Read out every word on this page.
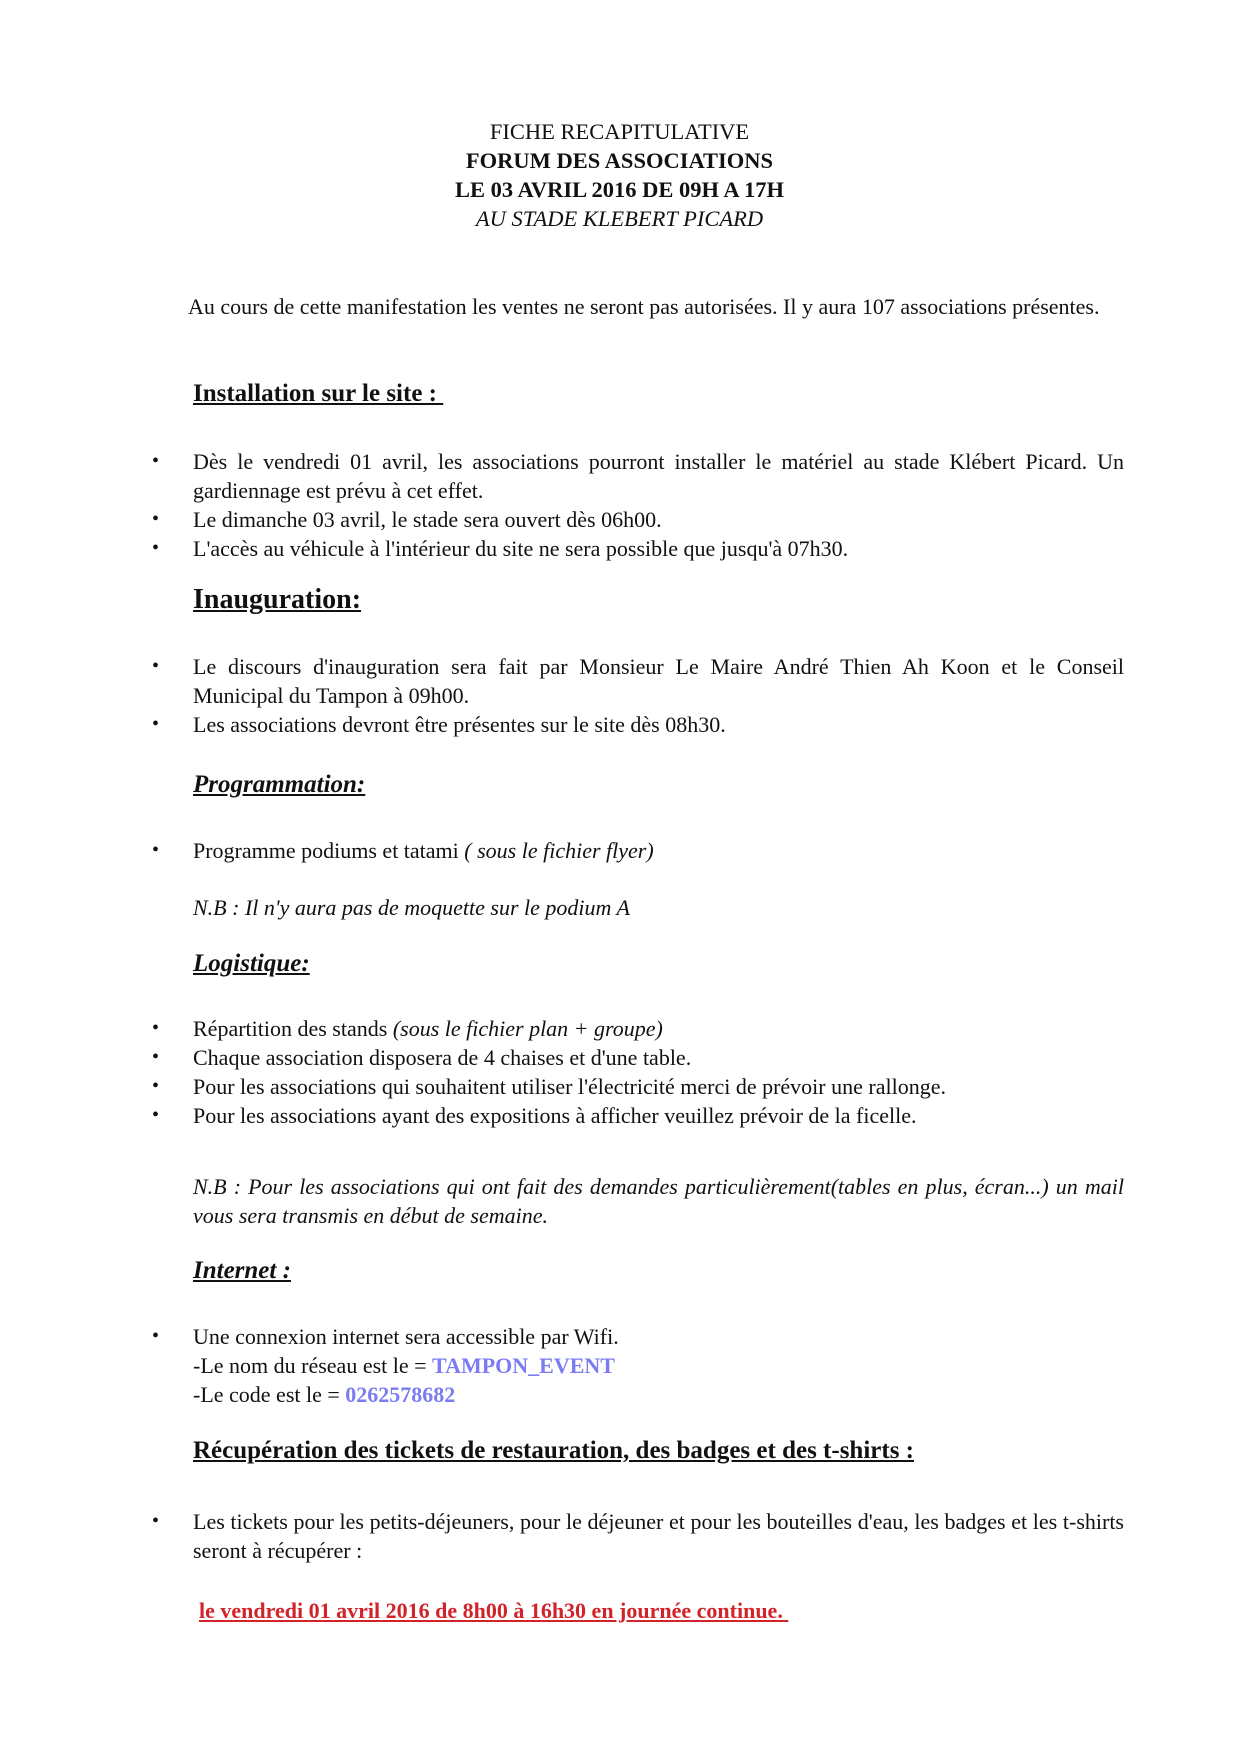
FICHE RECAPITULATIVE
FORUM DES ASSOCIATIONS
LE 03 AVRIL 2016 DE 09H A 17H
AU STADE KLEBERT PICARD
Au cours de cette manifestation les ventes ne seront pas autorisées. Il y aura 107 associations présentes.
Installation sur le site :
• Dès le vendredi 01 avril, les associations pourront installer le matériel au stade Klébert Picard. Un gardiennage est prévu à cet effet.
• Le dimanche 03 avril, le stade sera ouvert dès 06h00.
• L'accès au véhicule à l'intérieur du site ne sera possible que jusqu'à 07h30.
Inauguration:
• Le discours d'inauguration sera fait par Monsieur Le Maire André Thien Ah Koon et le Conseil Municipal du Tampon à 09h00.
• Les associations devront être présentes sur le site dès 08h30.
Programmation:
• Programme podiums et tatami ( sous le fichier flyer)
N.B : Il n'y aura pas de moquette sur le podium A
Logistique:
• Répartition des stands (sous le fichier plan + groupe)
• Chaque association disposera de 4 chaises et d'une table.
• Pour les associations qui souhaitent utiliser l'électricité merci de prévoir une rallonge.
• Pour les associations ayant des expositions à afficher veuillez prévoir de la ficelle.
N.B : Pour les associations qui ont fait des demandes particulièrement(tables en plus, écran...) un mail vous sera transmis en début de semaine.
Internet :
• Une connexion internet sera accessible par Wifi.
-Le nom du réseau est le = TAMPON_EVENT
-Le code est le = 0262578682
Récupération des tickets de restauration, des badges et des t-shirts :
• Les tickets pour les petits-déjeuners, pour le déjeuner et pour les bouteilles d'eau, les badges et les t-shirts seront à récupérer :
le vendredi 01 avril 2016 de 8h00 à 16h30 en journée continue.
